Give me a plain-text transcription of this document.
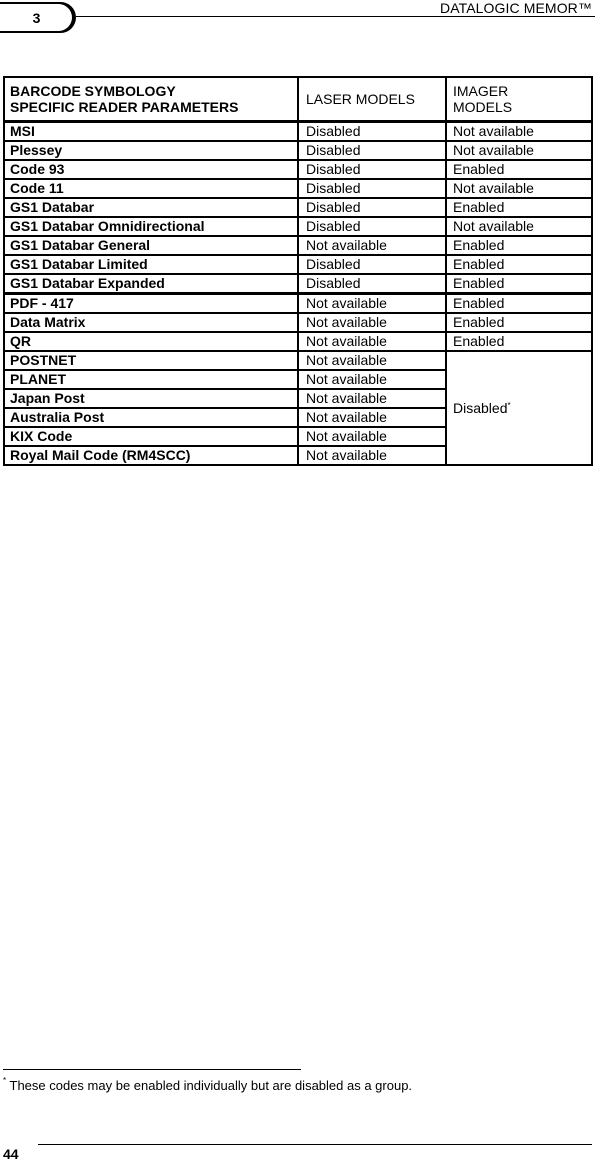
3
DATALOGIC MEMOR™
BARCODE SYMBOLOGY
SPECIFIC READER PARAMETERS	LASER MODELS	IMAGER
MODELS
MSI	Disabled	Not available
Plessey	Disabled	Not available
Code 93	Disabled	Enabled
Code 11	Disabled	Not available
GS1 Databar	Disabled	Enabled
GS1 Databar Omnidirectional	Disabled	Not available
GS1 Databar General	Not available	Enabled
GS1 Databar Limited	Disabled	Enabled
GS1 Databar Expanded	Disabled	Enabled
PDF - 417	Not available	Enabled
Data Matrix	Not available	Enabled
QR	Not available	Enabled
POSTNET	Not available	Disabled*
PLANET	Not available	
Japan Post	Not available	
Australia Post	Not available	
KIX Code	Not available	
Royal Mail Code (RM4SCC)	Not available	
* These codes may be enabled individually but are disabled as a group.
44
